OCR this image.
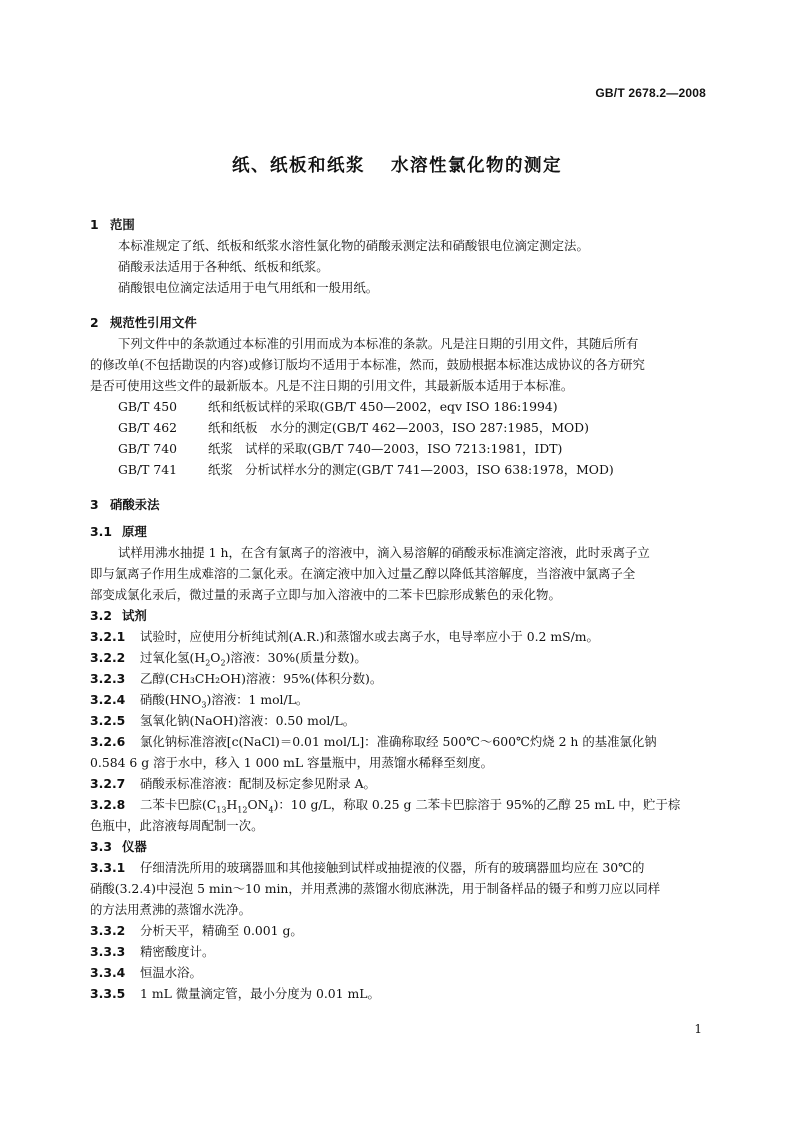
GB/T 2678.2—2008
纸、纸板和纸浆 水溶性氯化物的测定
1 范围
本标准规定了纸、纸板和纸浆水溶性氯化物的硝酸汞测定法和硝酸银电位滴定测定法。
硝酸汞法适用于各种纸、纸板和纸浆。
硝酸银电位滴定法适用于电气用纸和一般用纸。
2 规范性引用文件
下列文件中的条款通过本标准的引用而成为本标准的条款。凡是注日期的引用文件，其随后所有
的修改单(不包括勘误的内容)或修订版均不适用于本标准，然而，鼓励根据本标准达成协议的各方研究
是否可使用这些文件的最新版本。凡是不注日期的引用文件，其最新版本适用于本标准。
GB/T 450 纸和纸板试样的采取(GB/T 450—2002，eqv ISO 186:1994)
GB/T 462 纸和纸板　水分的测定(GB/T 462—2003，ISO 287:1985，MOD)
GB/T 740 纸浆　试样的采取(GB/T 740—2003，ISO 7213:1981，IDT)
GB/T 741 纸浆　分析试样水分的测定(GB/T 741—2003，ISO 638:1978，MOD)
3 硝酸汞法
3.1 原理
试样用沸水抽提 1 h，在含有氯离子的溶液中，滴入易溶解的硝酸汞标准滴定溶液，此时汞离子立
即与氯离子作用生成难溶的二氯化汞。在滴定液中加入过量乙醇以降低其溶解度，当溶液中氯离子全
部变成氯化汞后，微过量的汞离子立即与加入溶液中的二苯卡巴腙形成紫色的汞化物。
3.2 试剂
3.2.1 试验时，应使用分析纯试剂(A.R.)和蒸馏水或去离子水，电导率应小于 0.2 mS/m。
3.2.2 过氧化氢$(H_2O_2)$溶液：30%(质量分数)。
3.2.3 乙醇(CH₃CH₂OH)溶液：95%(体积分数)。
3.2.4 硝酸$(HNO_3)$溶液：1 mol/L。
3.2.5 氢氧化钠(NaOH)溶液：0.50 mol/L。
3.2.6 氯化钠标准溶液[c(NaCl)＝0.01 mol/L]：准确称取经 500℃～600℃灼烧 2 h 的基准氯化钠
0.584 6 g 溶于水中，移入 1 000 mL 容量瓶中，用蒸馏水稀释至刻度。
3.2.7 硝酸汞标准溶液：配制及标定参见附录 A。
3.2.8 二苯卡巴腙$(C_{13}H_{12}ON_4)$：10 g/L，称取 0.25 g 二苯卡巴腙溶于 95%的乙醇 25 mL 中，贮于棕
色瓶中，此溶液每周配制一次。
3.3 仪器
3.3.1 仔细清洗所用的玻璃器皿和其他接触到试样或抽提液的仪器，所有的玻璃器皿均应在 30℃的
硝酸(3.2.4)中浸泡 5 min～10 min，并用煮沸的蒸馏水彻底淋洗，用于制备样品的镊子和剪刀应以同样
的方法用煮沸的蒸馏水洗净。
3.3.2 分析天平，精确至 0.001 g。
3.3.3 精密酸度计。
3.3.4 恒温水浴。
3.3.5 1 mL 微量滴定管，最小分度为 0.01 mL。
1
